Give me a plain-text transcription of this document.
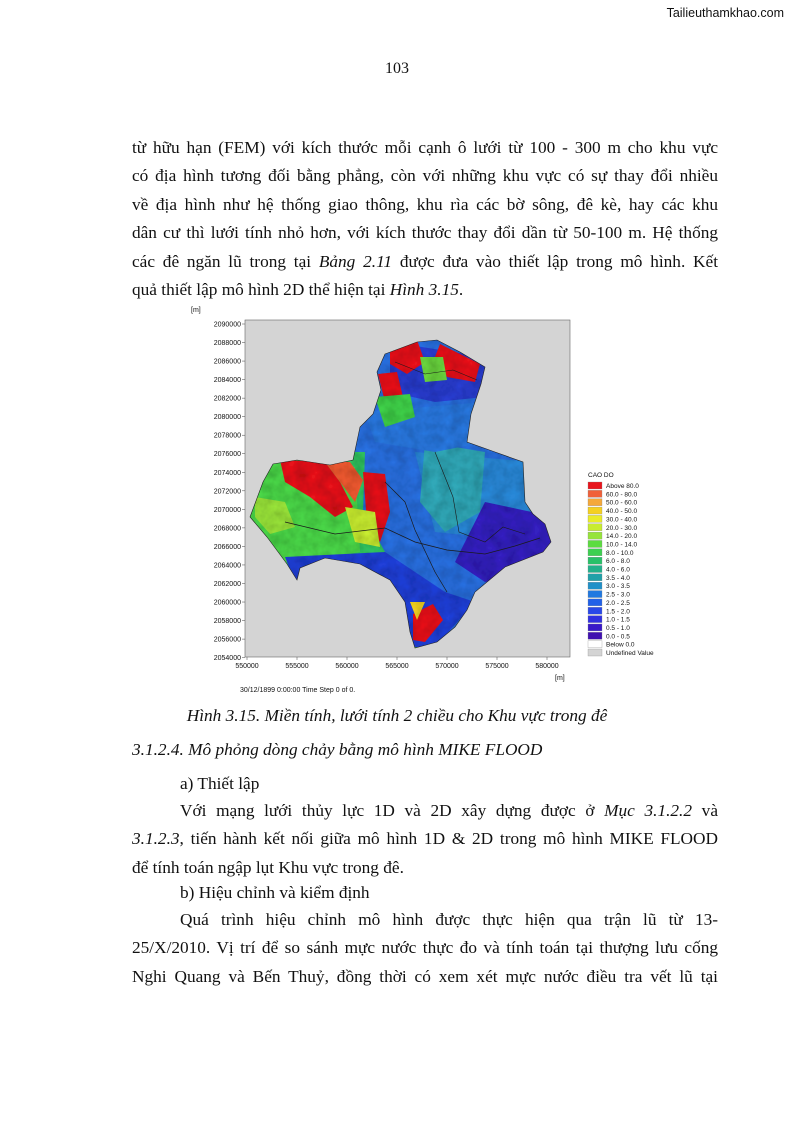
Tailieuthamkhao.com
103
từ hữu hạn (FEM) với kích thước mỗi cạnh ô lưới từ 100 - 300 m cho khu vực
có địa hình tương đối bằng phẳng, còn với những khu vực có sự thay đổi nhiều
về địa hình như hệ thống giao thông, khu rìa các bờ sông, đê kè, hay các khu
dân cư thì lưới tính nhỏ hơn, với kích thước thay đổi dần từ 50-100 m. Hệ thống
các đê ngăn lũ trong tại Bảng 2.11 được đưa vào thiết lập trong mô hình. Kết
quả thiết lập mô hình 2D thể hiện tại Hình 3.15.
[m]
2090000
2088000
2086000
2084000
2082000
2080000
2078000
2076000
2074000
2072000
2070000
2068000
2066000
2064000
2062000
2060000
2058000
2056000
2054000
550000	555000	560000	565000	570000	575000	580000
[m]
30/12/1899 0:00:00 Time Step 0 of 0.
CAO DO
Above 80.0
60.0 - 80.0
50.0 - 60.0
40.0 - 50.0
30.0 - 40.0
20.0 - 30.0
14.0 - 20.0
10.0 - 14.0
8.0 - 10.0
6.0 - 8.0
4.0 - 6.0
3.5 - 4.0
3.0 - 3.5
2.5 - 3.0
2.0 - 2.5
1.5 - 2.0
1.0 - 1.5
0.5 - 1.0
0.0 - 0.5
Below 0.0
Undefined Value
Hình 3.15. Miền tính, lưới tính 2 chiều cho Khu vực trong đê
3.1.2.4. Mô phỏng dòng chảy bằng mô hình MIKE FLOOD
a) Thiết lập
Với mạng lưới thủy lực 1D và 2D xây dựng được ở Mục 3.1.2.2 và
3.1.2.3, tiến hành kết nối giữa mô hình 1D & 2D trong mô hình MIKE FLOOD
để tính toán ngập lụt Khu vực trong đê.
b) Hiệu chỉnh và kiểm định
Quá trình hiệu chỉnh mô hình được thực hiện qua trận lũ từ 13-
25/X/2010. Vị trí để so sánh mực nước thực đo và tính toán tại thượng lưu cống
Nghi Quang và Bến Thuỷ, đồng thời có xem xét mực nước điều tra vết lũ tại
